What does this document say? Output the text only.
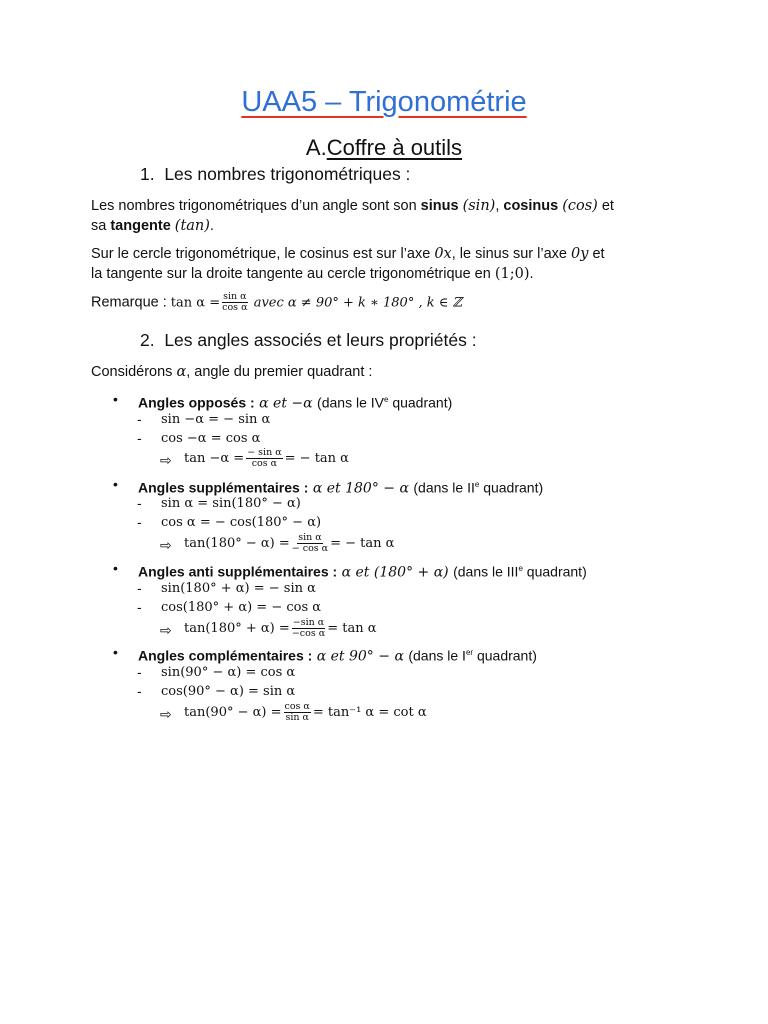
UAA5 – Trigonométrie
A.Coffre à outils
1.  Les nombres trigonométriques :
Les nombres trigonométriques d’un angle sont son sinus (sin), cosinus (cos) et
sa tangente (tan).
Sur le cercle trigonométrique, le cosinus est sur l’axe 0x, le sinus sur l’axe 0y et
la tangente sur la droite tangente au cercle trigonométrique en (1;0).
Remarque : $\tan \alpha = \frac{\text{sin α}}{\text{cos α}}$ avec α ≠ 90° + k ∗ 180° , k ∈ ℤ
2.  Les angles associés et leurs propriétés :
Considérons α, angle du premier quadrant :
• Angles opposés : α et −α (dans le IVe quadrant)
- sin −α = − sin α
- cos −α = cos α
⇨ $\tan -\alpha = \frac{\text{− sin α}}{\text{cos α}}$ = − tan α
• Angles supplémentaires : α et 180° − α (dans le IIe quadrant)
- sin α = sin(180° − α)
- cos α = − cos(180° − α)
⇨ $\tan(180^\circ - \alpha) = \frac{\text{sin α}}{\text{− cos α}}$ = − tan α
• Angles anti supplémentaires : α et (180° + α) (dans le IIIe quadrant)
- sin(180° + α) = − sin α
- cos(180° + α) = − cos α
⇨ $\tan(180^\circ + \alpha) = \frac{\text{−sin α}}{\text{−cos α}} = \tan \alpha$
• Angles complémentaires : α et 90° − α (dans le Ier quadrant)
- sin(90° − α) = cos α
- cos(90° − α) = sin α
⇨ $\tan(90^\circ - \alpha) = \frac{\text{cos α}}{\text{sin α}} = \tan^{-1}$ α = cot α
